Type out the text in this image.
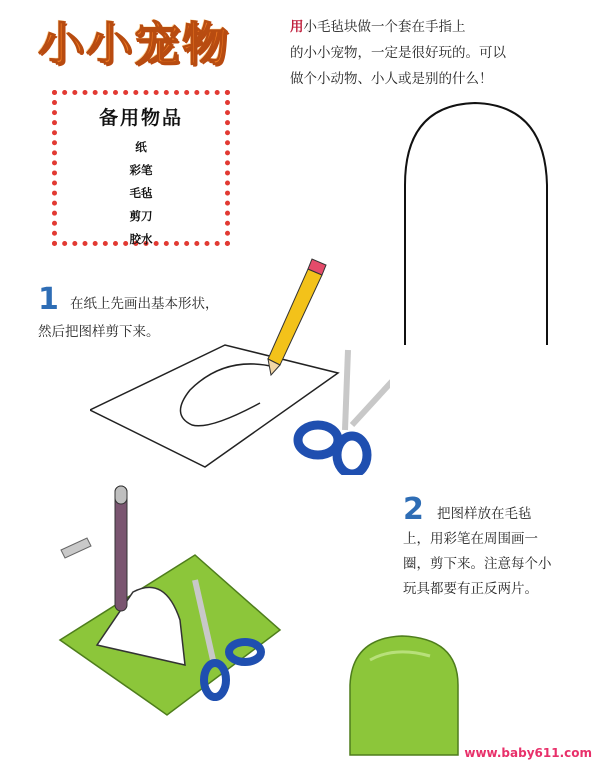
小小宠物	用小毛毡块做一个套在手指上
的小小宠物，一定是很好玩的。可以
做个小动物、小人或是别的什么！
备用物品
纸
彩笔
毛毡
剪刀
胶水
1 在纸上先画出基本形状，
然后把图样剪下来。
2 把图样放在毛毡
上，用彩笔在周围画一
圈，剪下来。注意每个小
玩具都要有正反两片。
www.baby611.com
